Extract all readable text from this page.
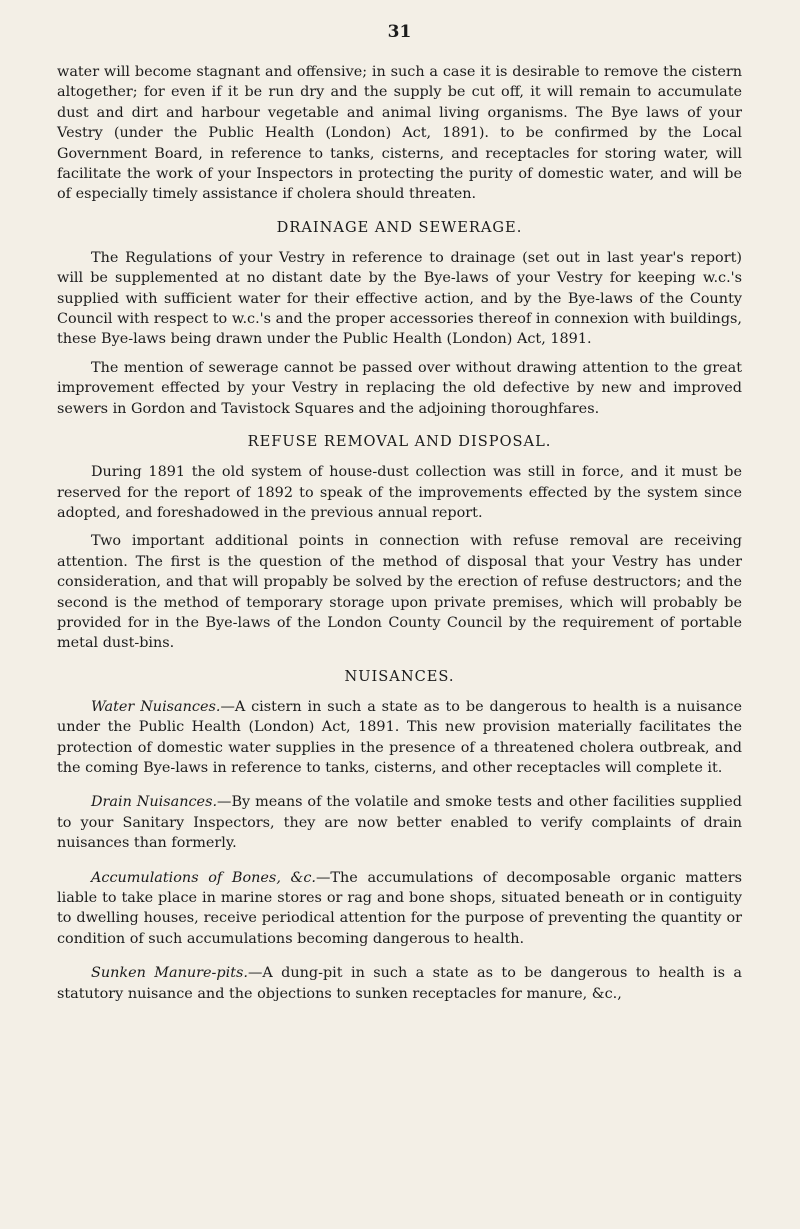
31

water will become stagnant and offensive; in such a case it is desirable to remove the cistern altogether; for even if it be run dry and the supply be cut off, it will remain to accumulate dust and dirt and harbour vegetable and animal living organisms. The Bye laws of your Vestry (under the Public Health (London) Act, 1891). to be confirmed by the Local Government Board, in reference to tanks, cisterns, and receptacles for storing water, will facilitate the work of your Inspectors in protecting the purity of domestic water, and will be of especially timely assistance if cholera should threaten.

DRAINAGE AND SEWERAGE.

The Regulations of your Vestry in reference to drainage (set out in last year's report) will be supplemented at no distant date by the Bye-laws of your Vestry for keeping w.c.'s supplied with sufficient water for their effective action, and by the Bye-laws of the County Council with respect to w.c.'s and the proper accessories thereof in connexion with buildings, these Bye-laws being drawn under the Public Health (London) Act, 1891.

The mention of sewerage cannot be passed over without drawing attention to the great improvement effected by your Vestry in replacing the old defective by new and improved sewers in Gordon and Tavistock Squares and the adjoining thoroughfares.

REFUSE REMOVAL AND DISPOSAL.

During 1891 the old system of house-dust collection was still in force, and it must be reserved for the report of 1892 to speak of the improvements effected by the system since adopted, and foreshadowed in the previous annual report.

Two important additional points in connection with refuse removal are receiving attention. The first is the question of the method of disposal that your Vestry has under consideration, and that will propably be solved by the erection of refuse destructors; and the second is the method of temporary storage upon private premises, which will probably be provided for in the Bye-laws of the London County Council by the requirement of portable metal dust-bins.

NUISANCES.

Water Nuisances.—A cistern in such a state as to be dangerous to health is a nuisance under the Public Health (London) Act, 1891. This new provision materially facilitates the protection of domestic water supplies in the presence of a threatened cholera outbreak, and the coming Bye-laws in reference to tanks, cisterns, and other receptacles will complete it.

Drain Nuisances.—By means of the volatile and smoke tests and other facilities supplied to your Sanitary Inspectors, they are now better enabled to verify complaints of drain nuisances than formerly.

Accumulations of Bones, &c.—The accumulations of decomposable organic matters liable to take place in marine stores or rag and bone shops, situated beneath or in contiguity to dwelling houses, receive periodical attention for the purpose of preventing the quantity or condition of such accumulations becoming dangerous to health.

Sunken Manure-pits.—A dung-pit in such a state as to be dangerous to health is a statutory nuisance and the objections to sunken receptacles for manure, &c.,
